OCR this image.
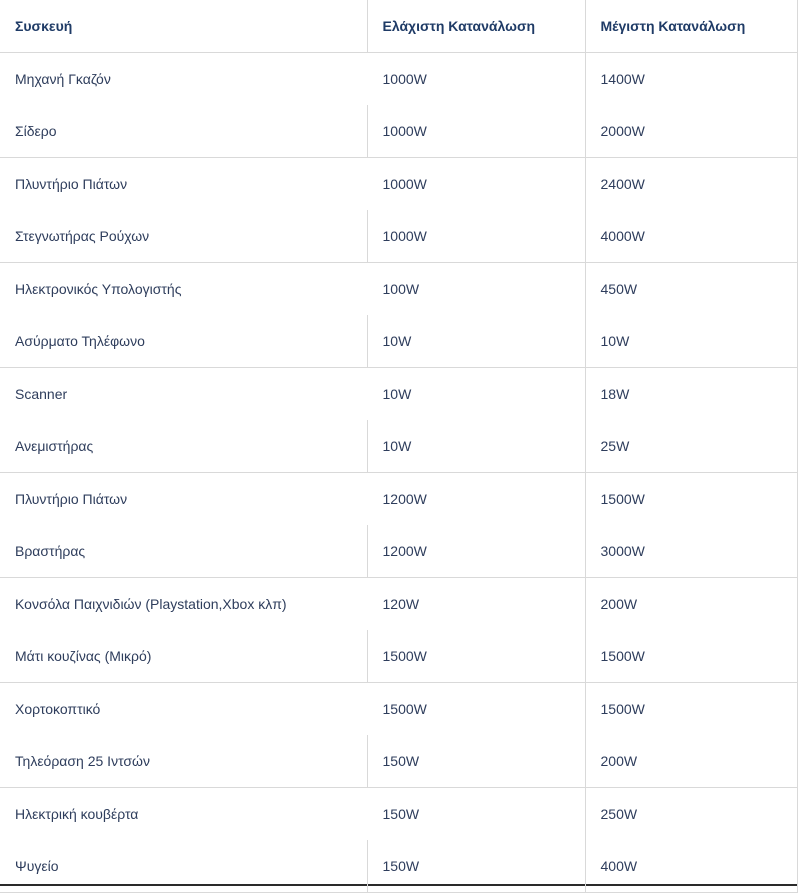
Συσκευή	Ελάχιστη Κατανάλωση	Μέγιστη Κατανάλωση
Μηχανή Γκαζόν	1000W	1400W
Σίδερο	1000W	2000W
Πλυντήριο Πιάτων	1000W	2400W
Στεγνωτήρας Ρούχων	1000W	4000W
Ηλεκτρονικός Υπολογιστής	100W	450W
Ασύρματο Τηλέφωνο	10W	10W
Scanner	10W	18W
Ανεμιστήρας	10W	25W
Πλυντήριο Πιάτων	1200W	1500W
Βραστήρας	1200W	3000W
Κονσόλα Παιχνιδιών (Playstation,Xbox κλπ)	120W	200W
Μάτι κουζίνας (Μικρό)	1500W	1500W
Χορτοκοπτικό	1500W	1500W
Τηλεόραση 25 Ιντσών	150W	200W
Ηλεκτρική κουβέρτα	150W	250W
Ψυγείο	150W	400W
